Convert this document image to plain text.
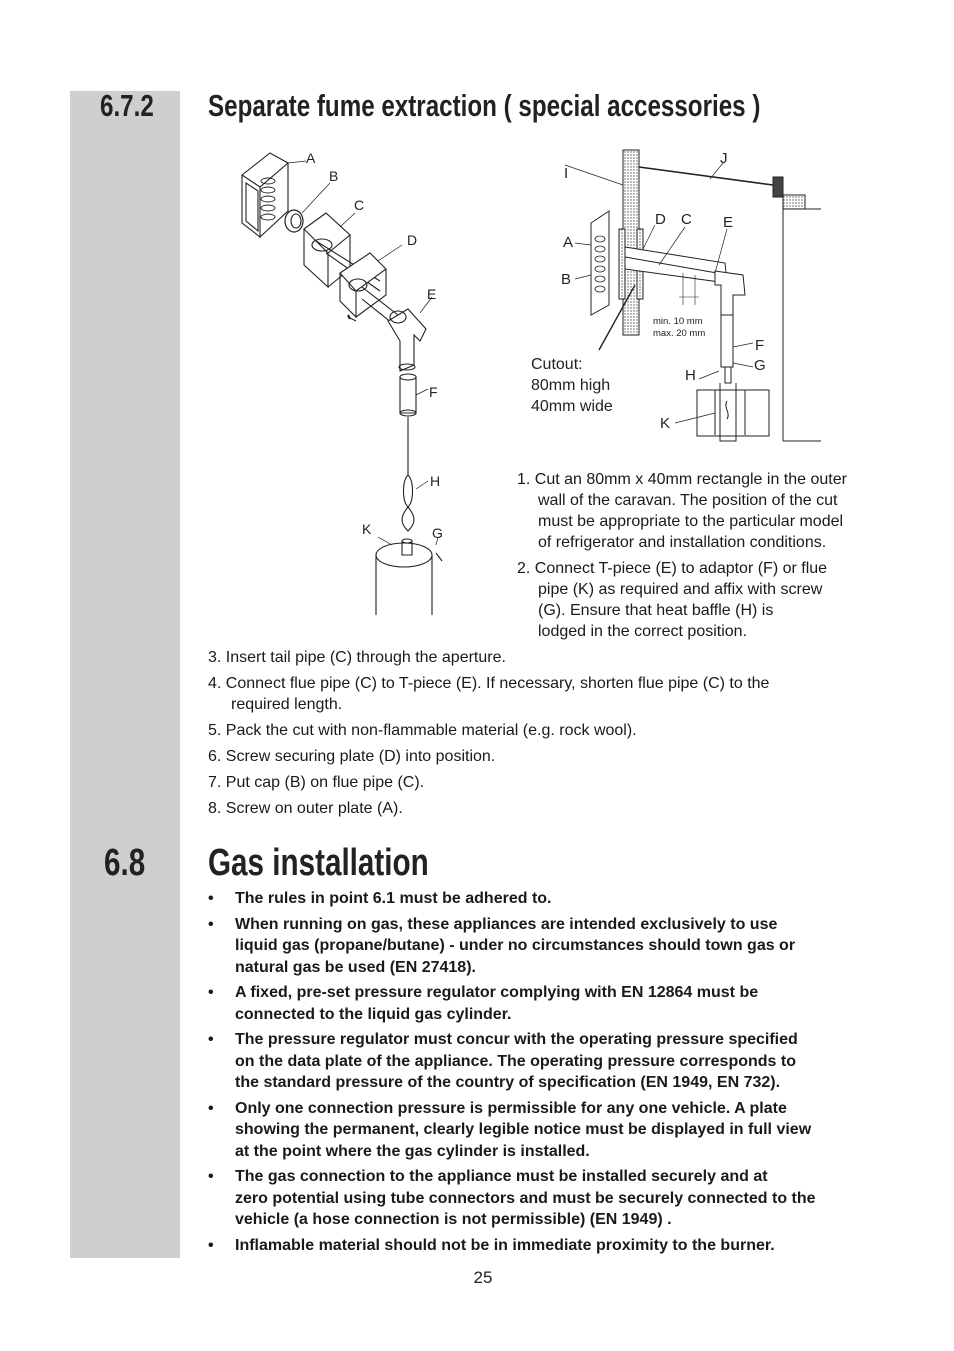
6.7.2 Separate fume extraction ( special accessories )
A
B
C
D
E
F
H
K	G
I
J
D C E
A
B
F
G
H
K
min. 10 mm
max. 20 mm
Cutout:
80mm high
40mm wide
1. Cut an 80mm x 40mm rectangle in the outer
wall of the caravan. The position of the cut
must be appropriate to the particular model
of refrigerator and installation conditions.
2. Connect T-piece (E) to adaptor (F) or flue
pipe (K) as required and affix with screw
(G). Ensure that heat baffle (H) is
lodged in the correct position.
3. Insert tail pipe (C) through the aperture.
4. Connect flue pipe (C) to T-piece (E). If necessary, shorten flue pipe (C) to the
required length.
5. Pack the cut with non-flammable material (e.g. rock wool).
6. Screw securing plate (D) into position.
7. Put cap (B) on flue pipe (C).
8. Screw on outer plate (A).
6.8 Gas installation
• The rules in point 6.1 must be adhered to.
• When running on gas, these appliances are intended exclusively to use
liquid gas (propane/butane) - under no circumstances should town gas or
natural gas be used (EN 27418).
• A fixed, pre-set pressure regulator complying with EN 12864 must be
connected to the liquid gas cylinder.
• The pressure regulator must concur with the operating pressure specified
on the data plate of the appliance. The operating pressure corresponds to
the standard pressure of the country of specification (EN 1949, EN 732).
• Only one connection pressure is permissible for any one vehicle. A plate
showing the permanent, clearly legible notice must be displayed in full view
at the point where the gas cylinder is installed.
• The gas connection to the appliance must be installed securely and at
zero potential using tube connectors and must be securely connected to the
vehicle (a hose connection is not permissible) (EN 1949) .
• Inflamable material should not be in immediate proximity to the burner.
25
